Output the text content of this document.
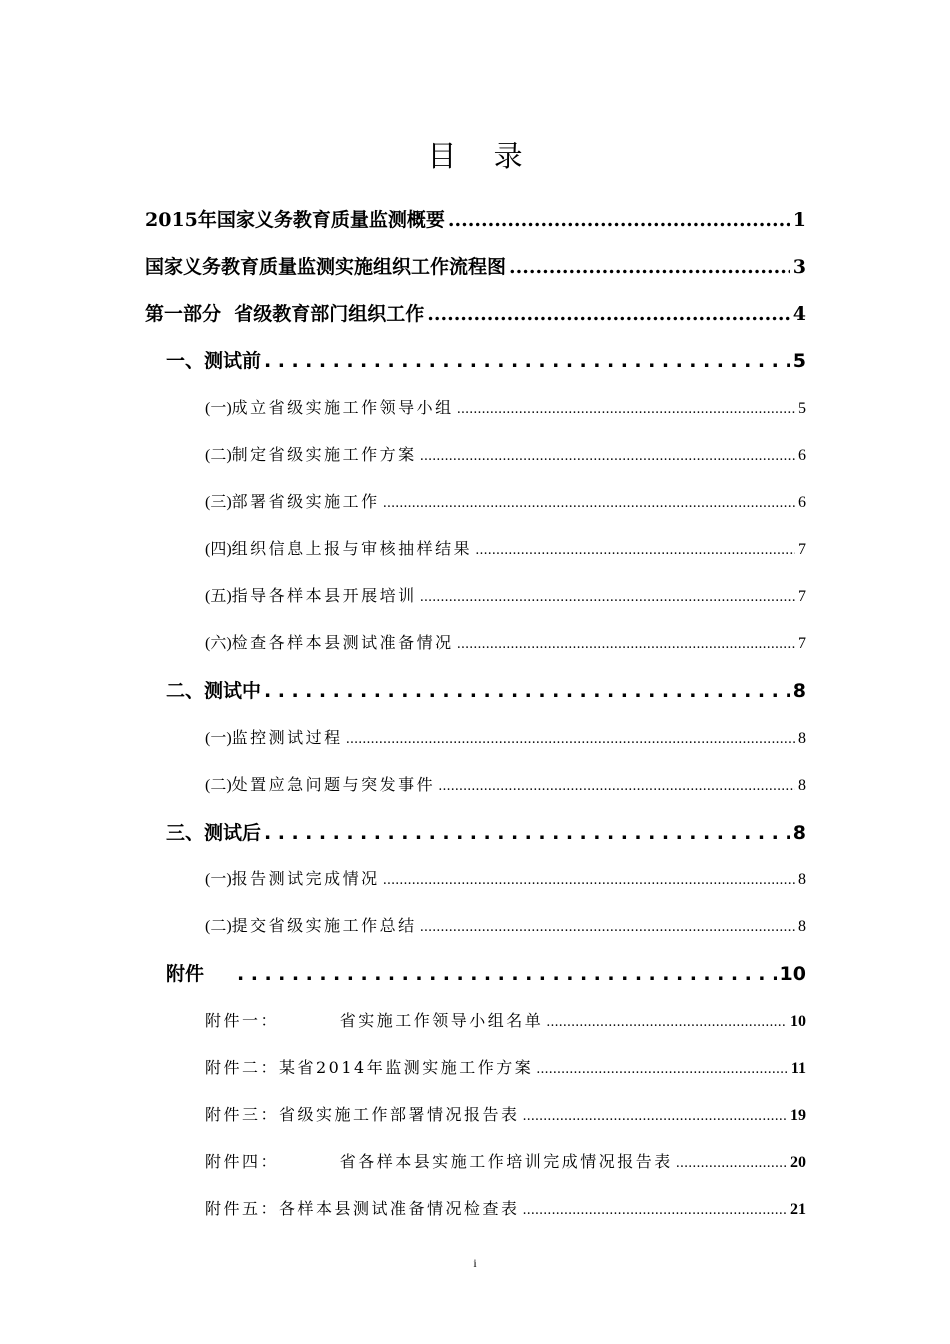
目 录
2015年国家义务教育质量监测概要 .....	1
国家义务教育质量监测实施组织工作流程图 .....	3
第一部分  省级教育部门组织工作 .....	4
一、 测试前 .....	5
(一) 成立省级实施工作领导小组 .....	5
(二) 制定省级实施工作方案 .....	6
(三) 部署省级实施工作 .....	6
(四) 组织信息上报与审核抽样结果 .....	7
(五) 指导各样本县开展培训 .....	7
(六) 检查各样本县测试准备情况 .....	7
二、 测试中 .....	8
(一) 监控测试过程 .....	8
(二) 处置应急问题与突发事件 .....	8
三、 测试后 .....	8
(一) 报告测试完成情况 .....	8
(二) 提交省级实施工作总结 .....	8
附件 .....	10
附件一：        省实施工作领导小组名单 .....	10
附件二：某省2014年监测实施工作方案 .....	11
附件三：省级实施工作部署情况报告表 .....	19
附件四：        省各样本县实施工作培训完成情况报告表 .....	20
附件五：各样本县测试准备情况检查表 .....	21
i
